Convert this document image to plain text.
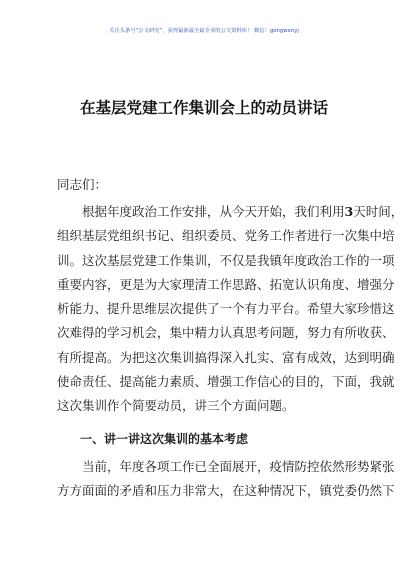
关注头条号“公文研究”，获得最新最全最专业的公文资料库！ 微信：gongwenyj
在基层党建工作集训会上的动员讲话
同志们：
根据年度政治工作安排，从今天开始，我们利用3天时间，
组织基层党组织书记、组织委员、党务工作者进行一次集中培
训。这次基层党建工作集训，不仅是我镇年度政治工作的一项
重要内容，更是为大家理清工作思路、拓宽认识角度、增强分
析能力、提升思维层次提供了一个有力平台。希望大家珍惜这
次难得的学习机会，集中精力认真思考问题，努力有所收获、
有所提高。为把这次集训搞得深入扎实、富有成效，达到明确
使命责任、提高能力素质、增强工作信心的目的，下面，我就
这次集训作个简要动员，讲三个方面问题。
一、讲一讲这次集训的基本考虑
当前，年度各项工作已全面展开，疫情防控依然形势紧张
方方面面的矛盾和压力非常大，在这种情况下，镇党委仍然下
